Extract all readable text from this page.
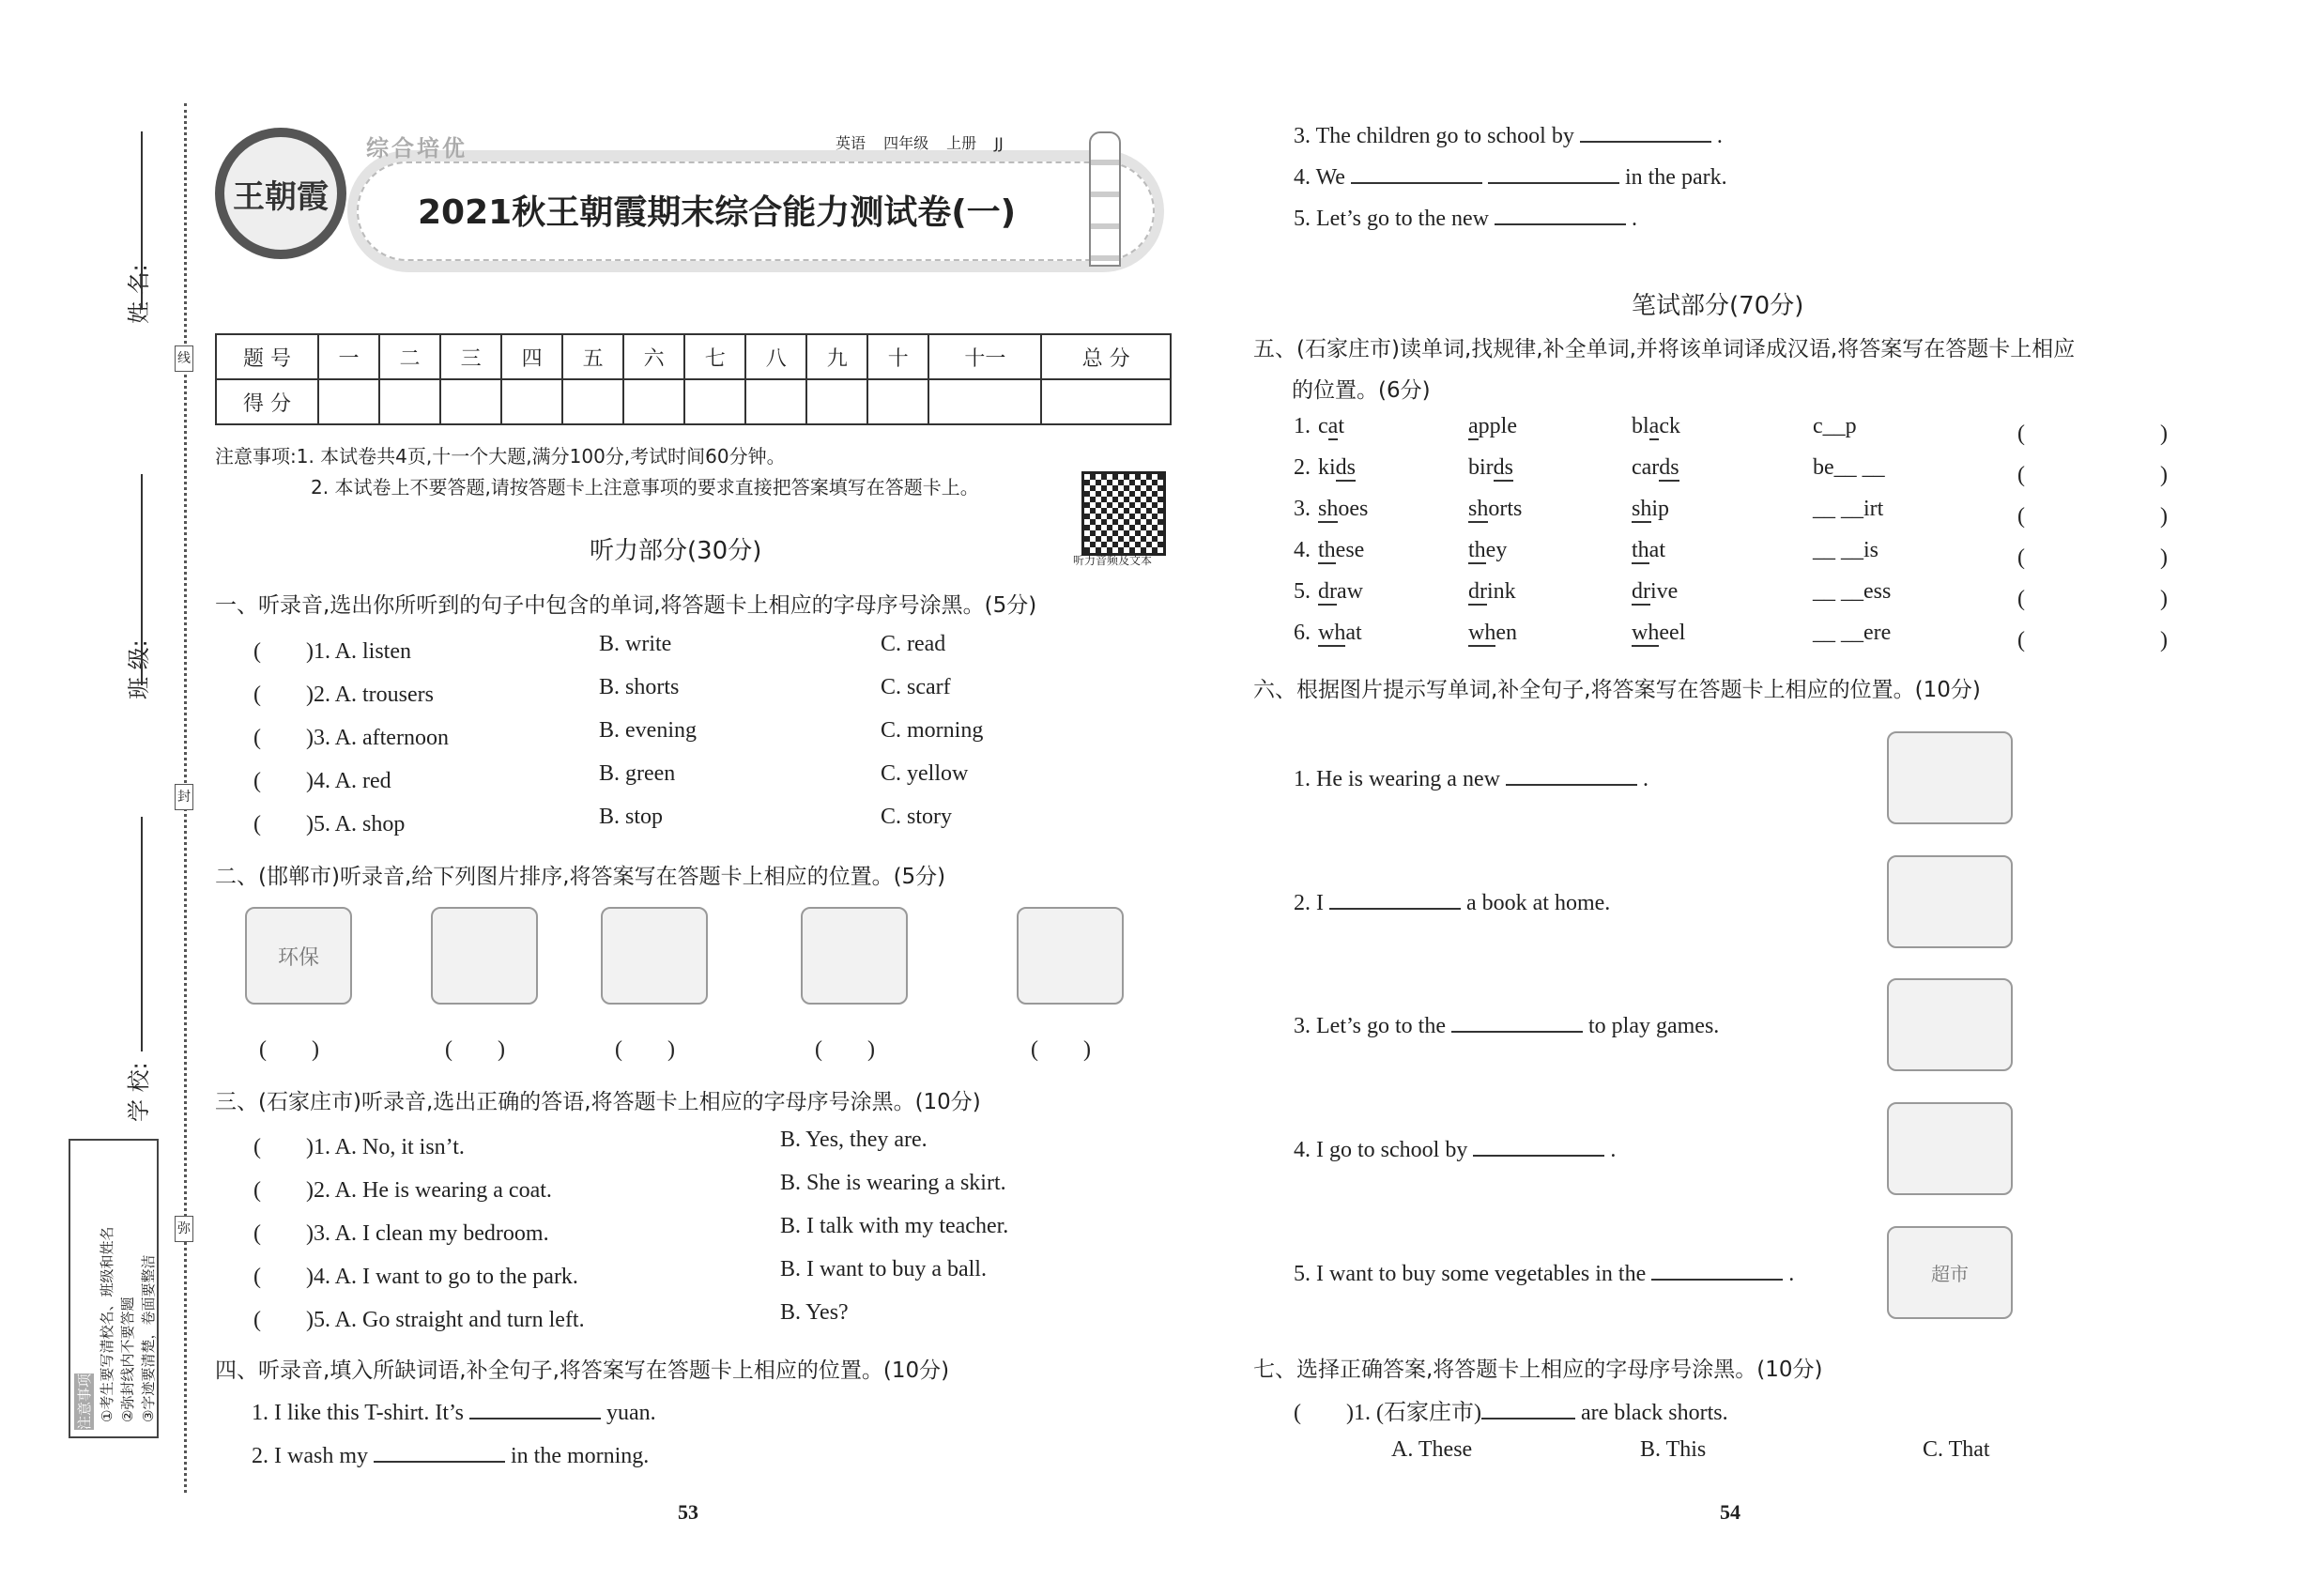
线
封
弥
姓 名:
班 级:
学 校:
注意事项 ①考生要写清校名、班级和姓名 ②弥封线内不要答题 ③字迹要清楚，卷面要整洁
王朝霞
综合培优	英语 四年级 上册 JJ
2021秋王朝霞期末综合能力测试卷(一)
题 号	一	二	三	四	五	六	七	八	九	十	十一	总 分
得 分												
注意事项:1. 本试卷共4页,十一个大题,满分100分,考试时间60分钟。
2. 本试卷上不要答题,请按答题卡上注意事项的要求直接把答案填写在答题卡上。
听力音频及文本
听力部分(30分)
一、听录音,选出你所听到的句子中包含的单词,将答题卡上相应的字母序号涂黑。(5分)
(　　)1. A. listen	B. write	C. read
(　　)2. A. trousers	B. shorts	C. scarf
(　　)3. A. afternoon	B. evening	C. morning
(　　)4. A. red	B. green	C. yellow
(　　)5. A. shop	B. stop	C. story
二、(邯郸市)听录音,给下列图片排序,将答案写在答题卡上相应的位置。(5分)
环保
(　　)	(　　)	(　　)	(　　)	(　　)
三、(石家庄市)听录音,选出正确的答语,将答题卡上相应的字母序号涂黑。(10分)
(　　)1. A. No, it isn’t.	B. Yes, they are.
(　　)2. A. He is wearing a coat.	B. She is wearing a skirt.
(　　)3. A. I clean my bedroom.	B. I talk with my teacher.
(　　)4. A. I want to go to the park.	B. I want to buy a ball.
(　　)5. A. Go straight and turn left.	B. Yes?
四、听录音,填入所缺词语,补全句子,将答案写在答题卡上相应的位置。(10分)
1. I like this T-shirt. It’s	yuan.
2. I wash my	in the morning.
3. The children go to school by	.
4. We	in the park.
5. Let’s go to the new	.
笔试部分(70分)
五、(石家庄市)读单词,找规律,补全单词,并将该单词译成汉语,将答案写在答题卡上相应
的位置。(6分)
1. cat	apple	black	c__p	(　　　　　　)
2. kids	birds	cards	be__ __	(　　　　　　)
3. shoes	shorts	ship	__ __irt	(　　　　　　)
4. these	they	that	__ __is	(　　　　　　)
5. draw	drink	drive	__ __ess	(　　　　　　)
6. what	when	wheel	__ __ere	(　　　　　　)
六、根据图片提示写单词,补全句子,将答案写在答题卡上相应的位置。(10分)
1. He is wearing a new	.
2. I	a book at home.
3. Let’s go to the	to play games.
4. I go to school by	.
5. I want to buy some vegetables in the	.	超市
七、选择正确答案,将答题卡上相应的字母序号涂黑。(10分)
(　　)1. (石家庄市)	are black shorts.
A. These	B. This	C. That
53	54
